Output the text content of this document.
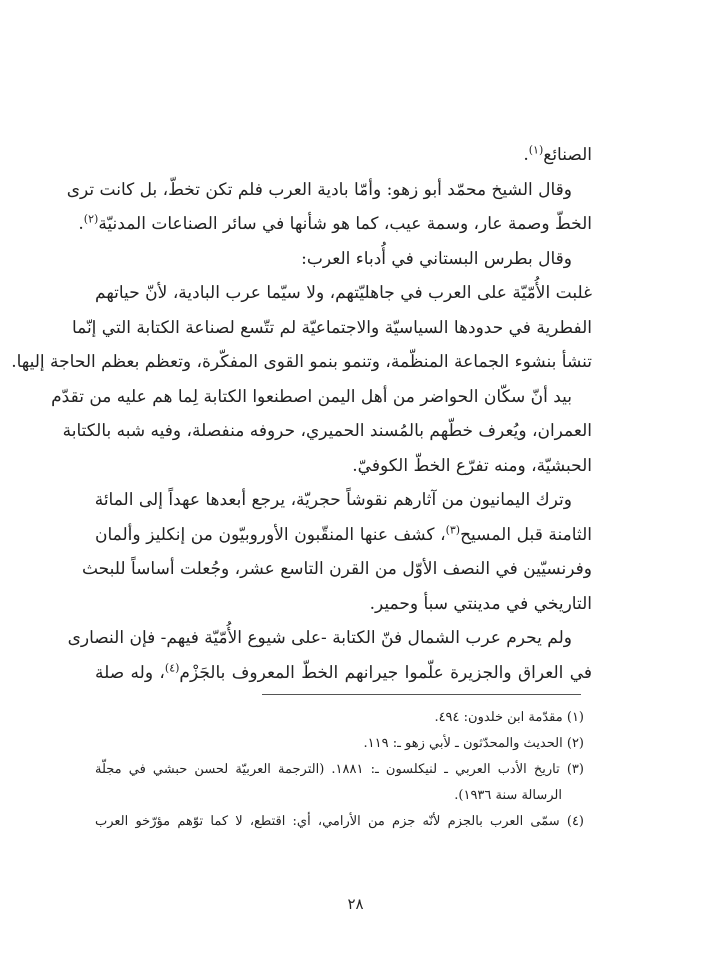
الصنائع$^{(١)}$.
وقال الشيخ محمّد أبو زهو: وأمّا بادية العرب فلم تكن تخطّ، بل كانت ترى
الخطّ وصمة عار، وسمة عيب، كما هو شأنها في سائر الصناعات المدنيّة$^{(٢)}$.
وقال بطرس البستاني في أُدباء العرب:
غلبت الأُمّيّة على العرب في جاهليّتهم، ولا سيّما عرب البادية، لأنّ حياتهم
الفطرية في حدودها السياسيّة والاجتماعيّة لم تتّسع لصناعة الكتابة التي إنّما
تنشأ بنشوء الجماعة المنظّمة، وتنمو بنمو القوى المفكّرة، وتعظم بعظم الحاجة إليها.
بيد أنّ سكّان الحواضر من أهل اليمن اصطنعوا الكتابة لِما هم عليه من تقدّم
العمران، ويُعرف خطّهم بالمُسند الحميري، حروفه منفصلة، وفيه شبه بالكتابة
الحبشيّة، ومنه تفرّع الخطّ الكوفيّ.
وترك اليمانيون من آثارهم نقوشاً حجريّة، يرجع أبعدها عهداً إلى المائة
الثامنة قبل المسيح$^{(٣)}$، كشف عنها المنقّبون الأوروبيّون من إنكليز وألمان
وفرنسيّين في النصف الأوّل من القرن التاسع عشر، وجُعلت أساساً للبحث
التاريخي في مدينتي سبأ وحمير.
ولم يحرم عرب الشمال فنّ الكتابة -على شيوع الأُمّيّة فيهم- فإن النصارى
في العراق والجزيرة علّموا جيرانهم الخطّ المعروف بالجَزْم$^{(٤)}$، وله صلة
(١) مقدّمة ابن خلدون: ٤٩٤.
(٢) الحديث والمحدّثون ـ لأبي زهو ـ: ١١٩.
(٣) تاريخ الأدب العربي ـ لنيكلسون ـ: ١٨٨١. (الترجمة العربيّة لحسن حبشي في مجلّة
الرسالة سنة ١٩٣٦).
(٤) سمّى العرب بالجزم لأنّه جزم من الأرامي، أي: اقتطع، لا كما توّهم مؤرّخو العرب
٢٨
